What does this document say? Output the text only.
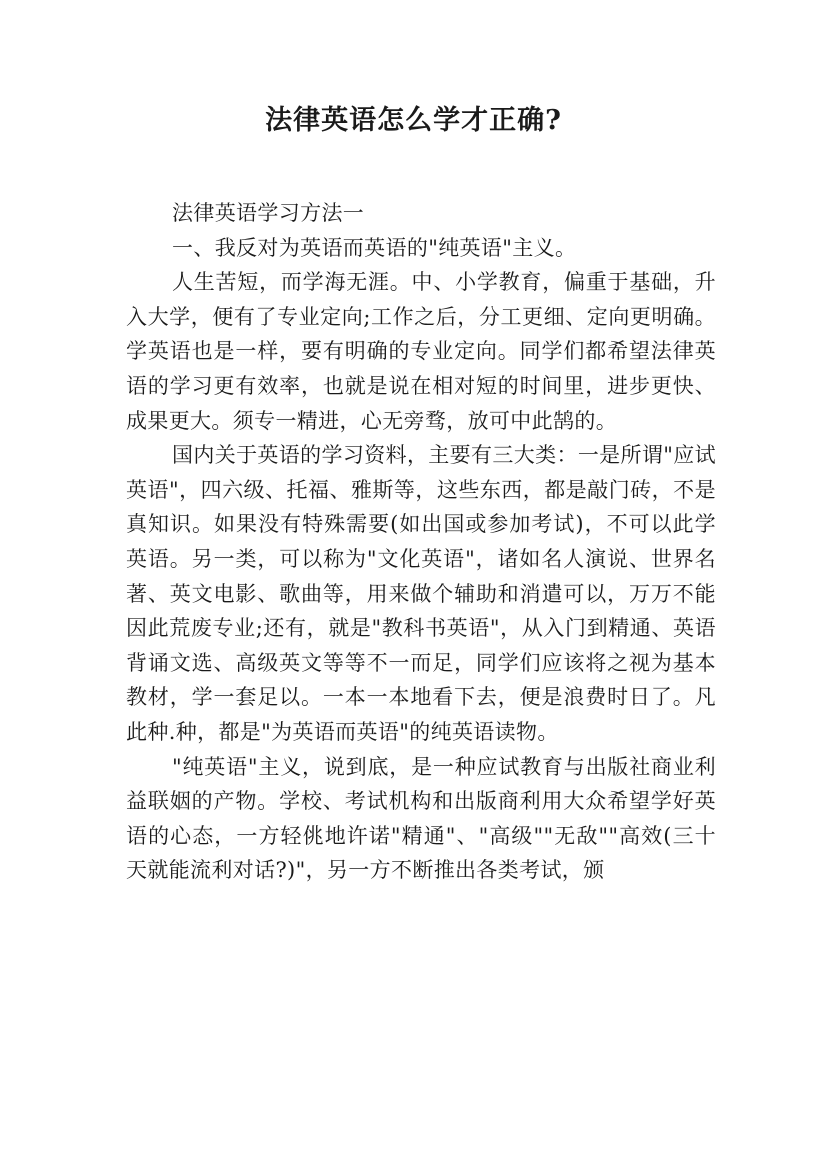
法律英语怎么学才正确?

法律英语学习方法一

一、我反对为英语而英语的"纯英语"主义。

人生苦短，而学海无涯。中、小学教育，偏重于基础，升入大学，便有了专业定向;工作之后，分工更细、定向更明确。学英语也是一样，要有明确的专业定向。同学们都希望法律英语的学习更有效率，也就是说在相对短的时间里，进步更快、成果更大。须专一精进，心无旁骛，放可中此鹄的。

国内关于英语的学习资料，主要有三大类：一是所谓"应试英语"，四六级、托福、雅斯等，这些东西，都是敲门砖，不是真知识。如果没有特殊需要(如出国或参加考试)，不可以此学英语。另一类，可以称为"文化英语"，诸如名人演说、世界名著、英文电影、歌曲等，用来做个辅助和消遣可以，万万不能因此荒废专业;还有，就是"教科书英语"，从入门到精通、英语背诵文选、高级英文等等不一而足，同学们应该将之视为基本教材，学一套足以。一本一本地看下去，便是浪费时日了。凡此种.种，都是"为英语而英语"的纯英语读物。

"纯英语"主义，说到底，是一种应试教育与出版社商业利益联姻的产物。学校、考试机构和出版商利用大众希望学好英语的心态，一方轻佻地许诺"精通"、"高级""无敌""高效(三十天就能流利对话?)"，另一方不断推出各类考试，颁
